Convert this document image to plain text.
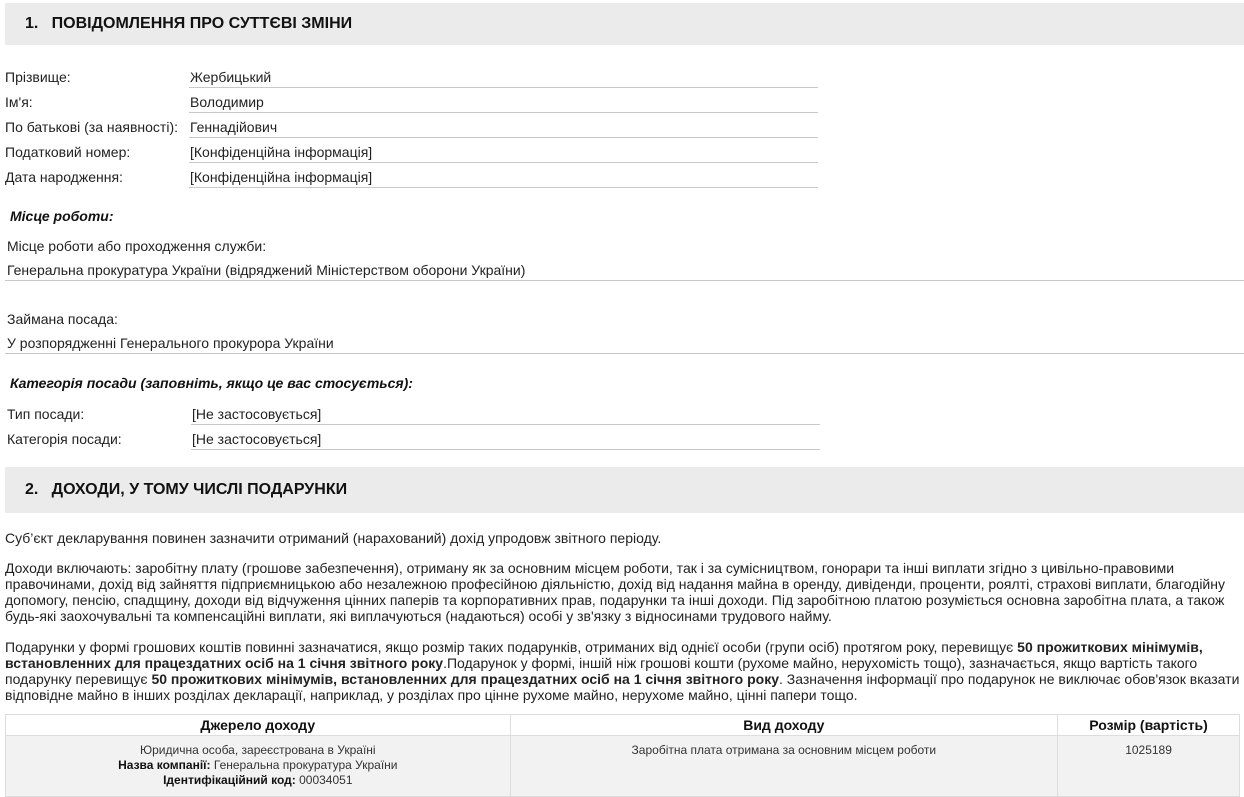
1.   ПОВІДОМЛЕННЯ ПРО СУТТЄВІ ЗМІНИ
Прізвище:	Жербицький
Ім'я:	Володимир
По батькові (за наявності): Геннадійович
Податковий номер:	[Конфіденційна інформація]
Дата народження:	[Конфіденційна інформація]
Місце роботи:
Місце роботи або проходження служби:
Генеральна прокуратура України (відряджений Міністерством оборони України)
Займана посада:
У розпорядженні Генерального прокурора України
Категорія посади (заповніть, якщо це вас стосується):
Тип посади:	[Не застосовується]
Категорія посади:	[Не застосовується]
2.   ДОХОДИ, У ТОМУ ЧИСЛІ ПОДАРУНКИ

Суб’єкт декларування повинен зазначити отриманий (нарахований) дохід упродовж звітного періоду.

Доходи включають: заробітну плату (грошове забезпечення), отриману як за основним місцем роботи, так і за сумісництвом, гонорари та інші виплати згідно з цивільно-правовими правочинами, дохід від зайняття підприємницькою або незалежною професійною діяльністю, дохід від надання майна в оренду, дивіденди, проценти, роялті, страхові виплати, благодійну допомогу, пенсію, спадщину, доходи від відчуження цінних паперів та корпоративних прав, подарунки та інші доходи. Під заробітною платою розуміється основна заробітна плата, а також будь-які заохочувальні та компенсаційні виплати, які виплачуються (надаються) особі у зв'язку з відносинами трудового найму.

Подарунки у формі грошових коштів повинні зазначатися, якщо розмір таких подарунків, отриманих від однієї особи (групи осіб) протягом року, перевищує 50 прожиткових мінімумів, встановленних для працездатних осіб на 1 січня звітного року.Подарунок у формі, іншій ніж грошові кошти (рухоме майно, нерухомість тощо), зазначається, якщо вартість такого подарунку перевищує 50 прожиткових мінімумів, встановленних для працездатних осіб на 1 січня звітного року. Зазначення інформації про подарунок не виключає обов'язок вказати відповідне майно в інших розділах декларації, наприклад, у розділах про цінне рухоме майно, нерухоме майно, цінні папери тощо.

Джерело доходу	Вид доходу	Розмір (вартість)

Юридична особа, зареєстрована в Україні
Назва компанії: Генеральна прокуратура України
Ідентифікаційний код: 00034051	Заробітна плата отримана за основним місцем роботи	1025189
